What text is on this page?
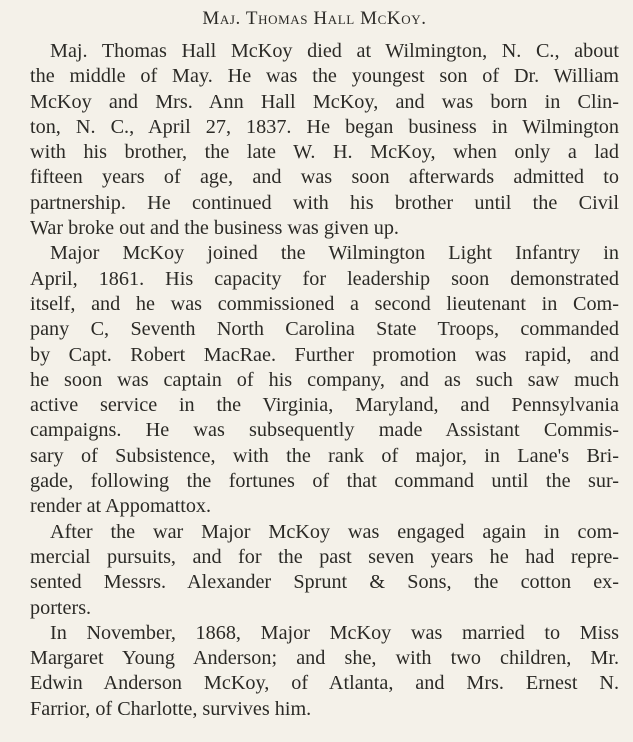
Maj. Thomas Hall McKoy.
Maj. Thomas Hall McKoy died at Wilmington, N. C., about
the middle of May. He was the youngest son of Dr. William
McKoy and Mrs. Ann Hall McKoy, and was born in Clin-
ton, N. C., April 27, 1837. He began business in Wilmington
with his brother, the late W. H. McKoy, when only a lad
fifteen years of age, and was soon afterwards admitted to
partnership. He continued with his brother until the Civil
War broke out and the business was given up.
Major McKoy joined the Wilmington Light Infantry in
April, 1861. His capacity for leadership soon demonstrated
itself, and he was commissioned a second lieutenant in Com-
pany C, Seventh North Carolina State Troops, commanded
by Capt. Robert MacRae. Further promotion was rapid, and
he soon was captain of his company, and as such saw much
active service in the Virginia, Maryland, and Pennsylvania
campaigns. He was subsequently made Assistant Commis-
sary of Subsistence, with the rank of major, in Lane's Bri-
gade, following the fortunes of that command until the sur-
render at Appomattox.
After the war Major McKoy was engaged again in com-
mercial pursuits, and for the past seven years he had repre-
sented Messrs. Alexander Sprunt & Sons, the cotton ex-
porters.
In November, 1868, Major McKoy was married to Miss
Margaret Young Anderson; and she, with two children, Mr.
Edwin Anderson McKoy, of Atlanta, and Mrs. Ernest N.
Farrior, of Charlotte, survives him.
